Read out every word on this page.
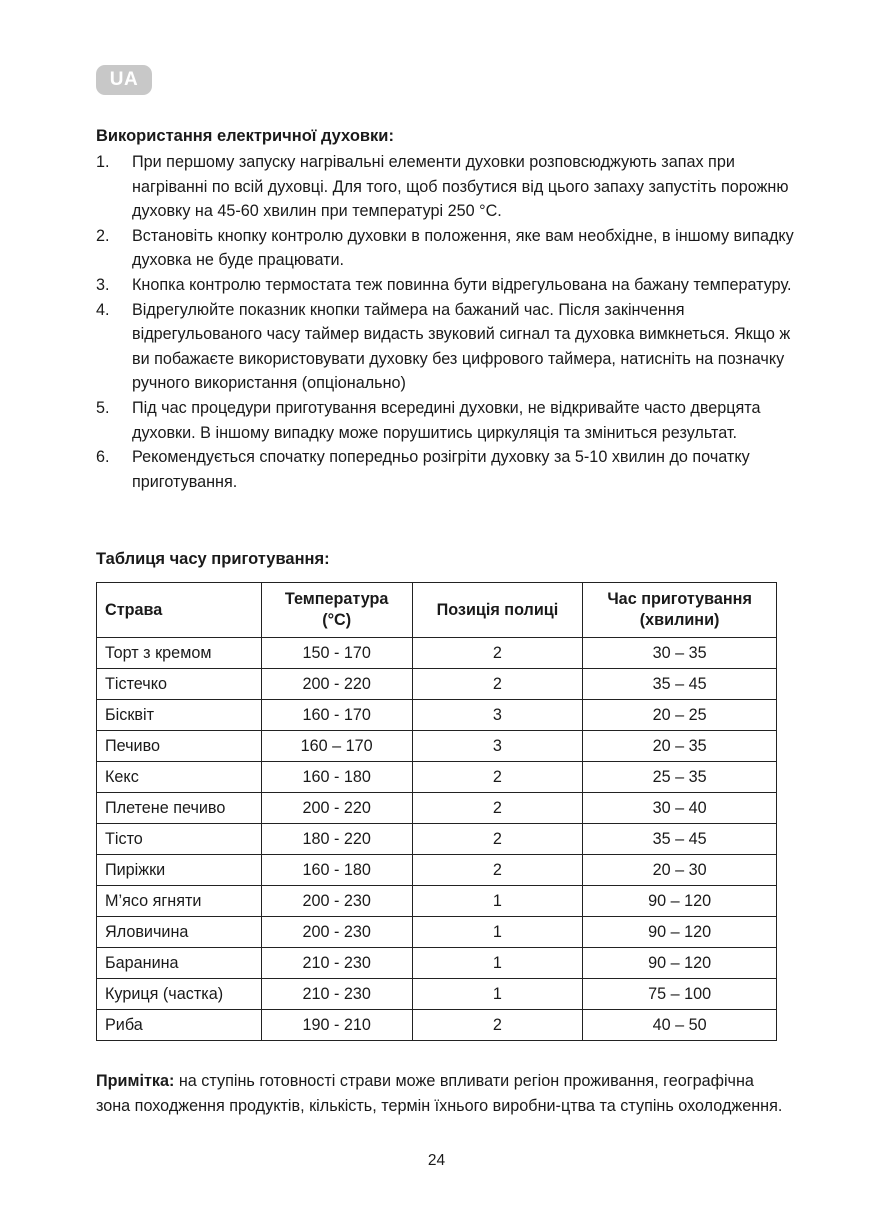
UA
Використання електричної духовки:
1. При першому запуску нагрівальні елементи духовки розповсюджують запах при нагріванні по всій духовці. Для того, щоб позбутися від цього запаху запустіть порожню духовку на 45-60 хвилин при температурі 250 °С.
2. Встановіть кнопку контролю духовки в положення, яке вам необхідне, в іншому випадку духовка не буде працювати.
3. Кнопка контролю термостата теж повинна бути відрегульована на бажану температуру.
4. Відрегулюйте показник кнопки таймера на бажаний час. Після закінчення відрегульованого часу таймер видасть звуковий сигнал та духовка вимкнеться. Якщо ж ви побажаєте використовувати духовку без цифрового таймера, натисніть на позначку ручного використання (опціонально)
5. Під час процедури приготування всередині духовки, не відкривайте часто дверцята духовки. В іншому випадку може порушитись циркуляція та зміниться результат.
6. Рекомендується спочатку попередньо розігріти духовку за 5-10 хвилин до початку приготування.
Таблиця часу приготування:
Страва	Температура (°C)	Позиція полиці	Час приготування (хвилини)
Торт з кремом	150 - 170	2	30 – 35
Тістечко	200 - 220	2	35 – 45
Бісквіт	160 - 170	3	20 – 25
Печиво	160 – 170	3	20 – 35
Кекс	160 - 180	2	25 – 35
Плетене печиво	200 - 220	2	30 – 40
Тісто	180 - 220	2	35 – 45
Пиріжки	160 - 180	2	20 – 30
М’ясо ягняти	200 - 230	1	90 – 120
Яловичина	200 - 230	1	90 – 120
Баранина	210 - 230	1	90 – 120
Куриця (частка)	210 - 230	1	75 – 100
Риба	190 - 210	2	40 – 50
Примітка: на ступінь готовності страви може впливати регіон проживання, географічна зона походження продуктів, кількість, термін їхнього виробни-цтва та ступінь охолодження.
24
